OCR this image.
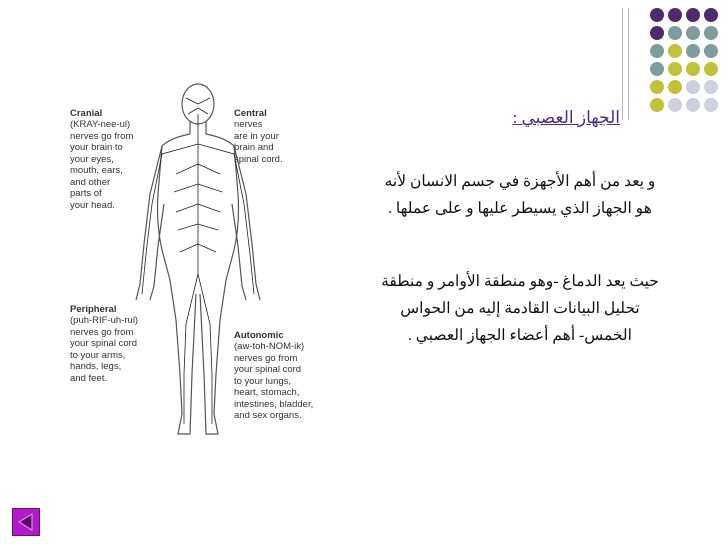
Cranial
(KRAY-nee-ul)
nerves go from
your brain to
your eyes,
mouth, ears,
and other
parts of
your head.

Central
nerves
are in your
brain and
spinal cord.

Peripheral
(puh-RIF-uh-rul)
nerves go from
your spinal cord
to your arms,
hands, legs,
and feet.

Autonomic
(aw-toh-NOM-ik)
nerves go from
your spinal cord
to your lungs,
heart, stomach,
intestines, bladder,
and sex organs.

الجهاز العصبي :
و يعد من أهم الأجهزة في جسم الانسان لأنه هو الجهاز الذي يسيطر عليها و على عملها .
حيث يعد الدماغ -وهو منطقة الأوامر و منطقة تحليل البيانات القادمة إليه من الحواس الخمس- أهم أعضاء الجهاز العصبي .
